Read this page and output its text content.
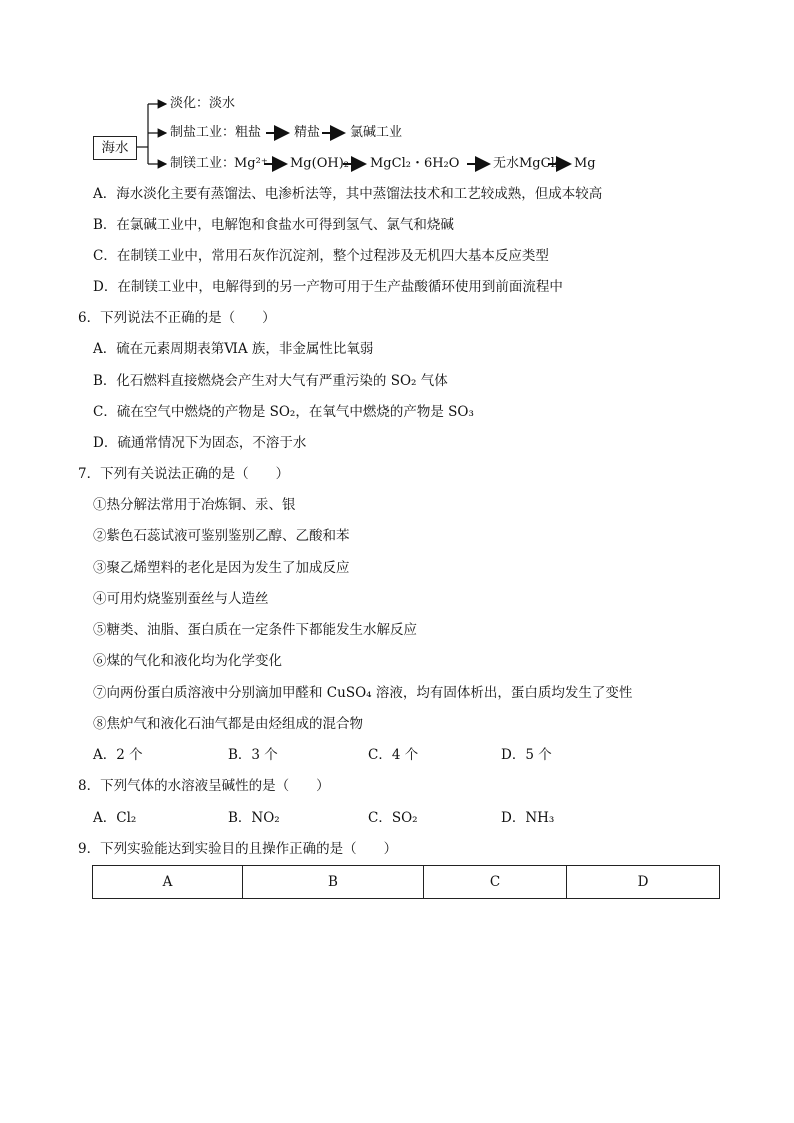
海水
淡化：淡水
制盐工业：粗盐	精盐 氯碱工业
制镁工业：
Mg²⁺ Mg(OH)₂ MgCl₂・6H₂O	无水MgCl₂ Mg
A．海水淡化主要有蒸馏法、电渗析法等，其中蒸馏法技术和工艺较成熟，但成本较高
B．在氯碱工业中，电解饱和食盐水可得到氢气、氯气和烧碱
C．在制镁工业中，常用石灰作沉淀剂，整个过程涉及无机四大基本反应类型
D．在制镁工业中，电解得到的另一产物可用于生产盐酸循环使用到前面流程中
6．下列说法不正确的是（　　）
A．硫在元素周期表第ⅥA 族，非金属性比氧弱
B．化石燃料直接燃烧会产生对大气有严重污染的 SO₂ 气体
C．硫在空气中燃烧的产物是 SO₂，在氧气中燃烧的产物是 SO₃
D．硫通常情况下为固态，不溶于水
7．下列有关说法正确的是（　　）
①热分解法常用于冶炼铜、汞、银
②紫色石蕊试液可鉴别鉴别乙醇、乙酸和苯
③聚乙烯塑料的老化是因为发生了加成反应
④可用灼烧鉴别蚕丝与人造丝
⑤糖类、油脂、蛋白质在一定条件下都能发生水解反应
⑥煤的气化和液化均为化学变化
⑦向两份蛋白质溶液中分别滴加甲醛和 CuSO₄ 溶液，均有固体析出，蛋白质均发生了变性
⑧焦炉气和液化石油气都是由烃组成的混合物
A．2 个	B．3 个	C．4 个	D．5 个
8．下列气体的水溶液呈碱性的是（　　）
A．Cl₂	B．NO₂	C．SO₂	D．NH₃
9．下列实验能达到实验目的且操作正确的是（　　）
A	B	C	D
